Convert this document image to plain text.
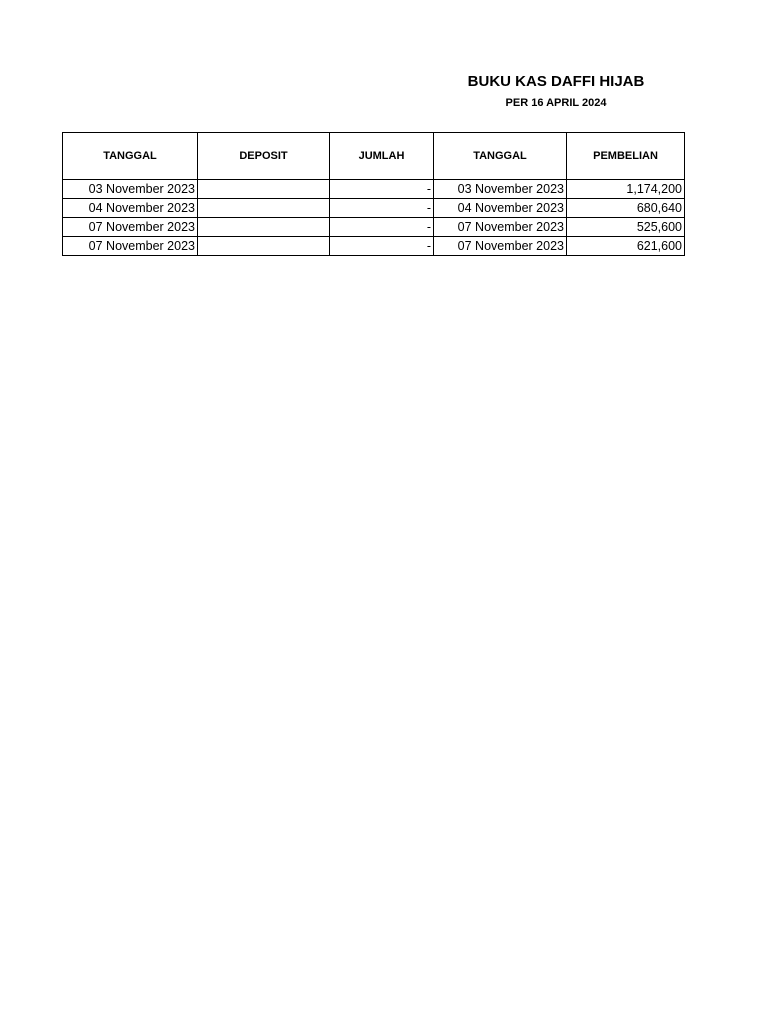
BUKU KAS DAFFI HIJAB
PER 16 APRIL 2024
TANGGAL	DEPOSIT	JUMLAH	TANGGAL	PEMBELIAN
03 November 2023		-	03 November 2023	1,174,200
04 November 2023		-	04 November 2023	680,640
07 November 2023		-	07 November 2023	525,600
07 November 2023		-	07 November 2023	621,600
